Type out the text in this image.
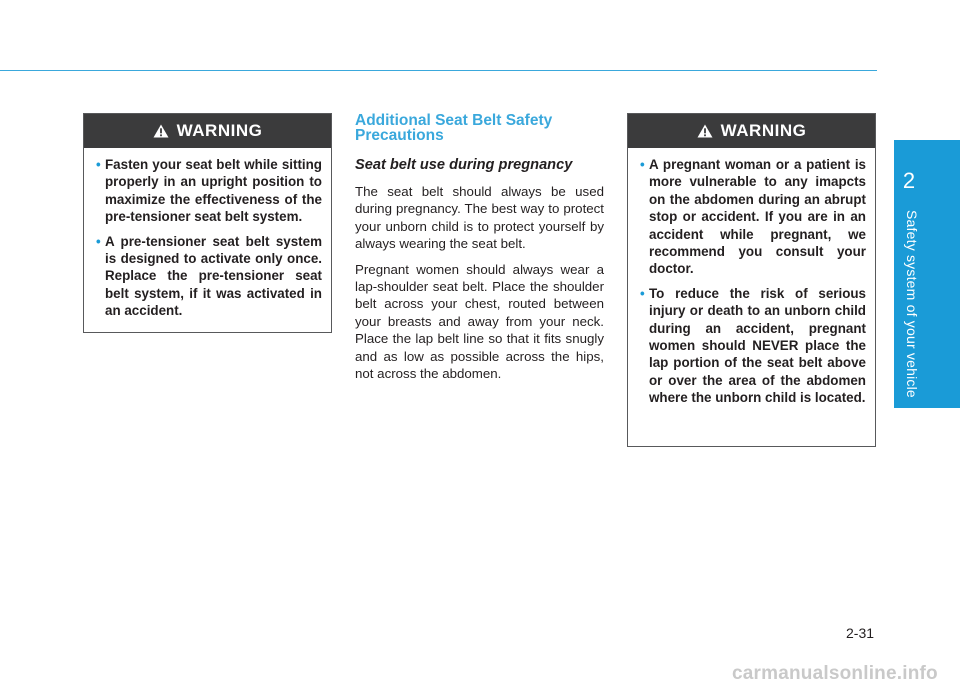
2
Safety system of your vehicle
WARNING
• Fasten your seat belt while sitting properly in an upright position to maximize the effectiveness of the pre-tensioner seat belt system.
• A pre-tensioner seat belt system is designed to activate only once. Replace the pre-tensioner seat belt system, if it was activated in an accident.
Additional Seat Belt Safety Precautions
Seat belt use during pregnancy

The seat belt should always be used during pregnancy. The best way to protect your unborn child is to protect yourself by always wearing the seat belt.

Pregnant women should always wear a lap-shoulder seat belt. Place the shoulder belt across your chest, routed between your breasts and away from your neck. Place the lap belt line so that it fits snugly and as low as possible across the hips, not across the abdomen.

WARNING
• A pregnant woman or a patient is more vulnerable to any imapcts on the abdomen during an abrupt stop or accident. If you are in an accident while pregnant, we recommend you consult your doctor.
• To reduce the risk of serious injury or death to an unborn child during an accident, pregnant women should NEVER place the lap portion of the seat belt above or over the area of the abdomen where the unborn child is located.
2-31
carmanualsonline.info
